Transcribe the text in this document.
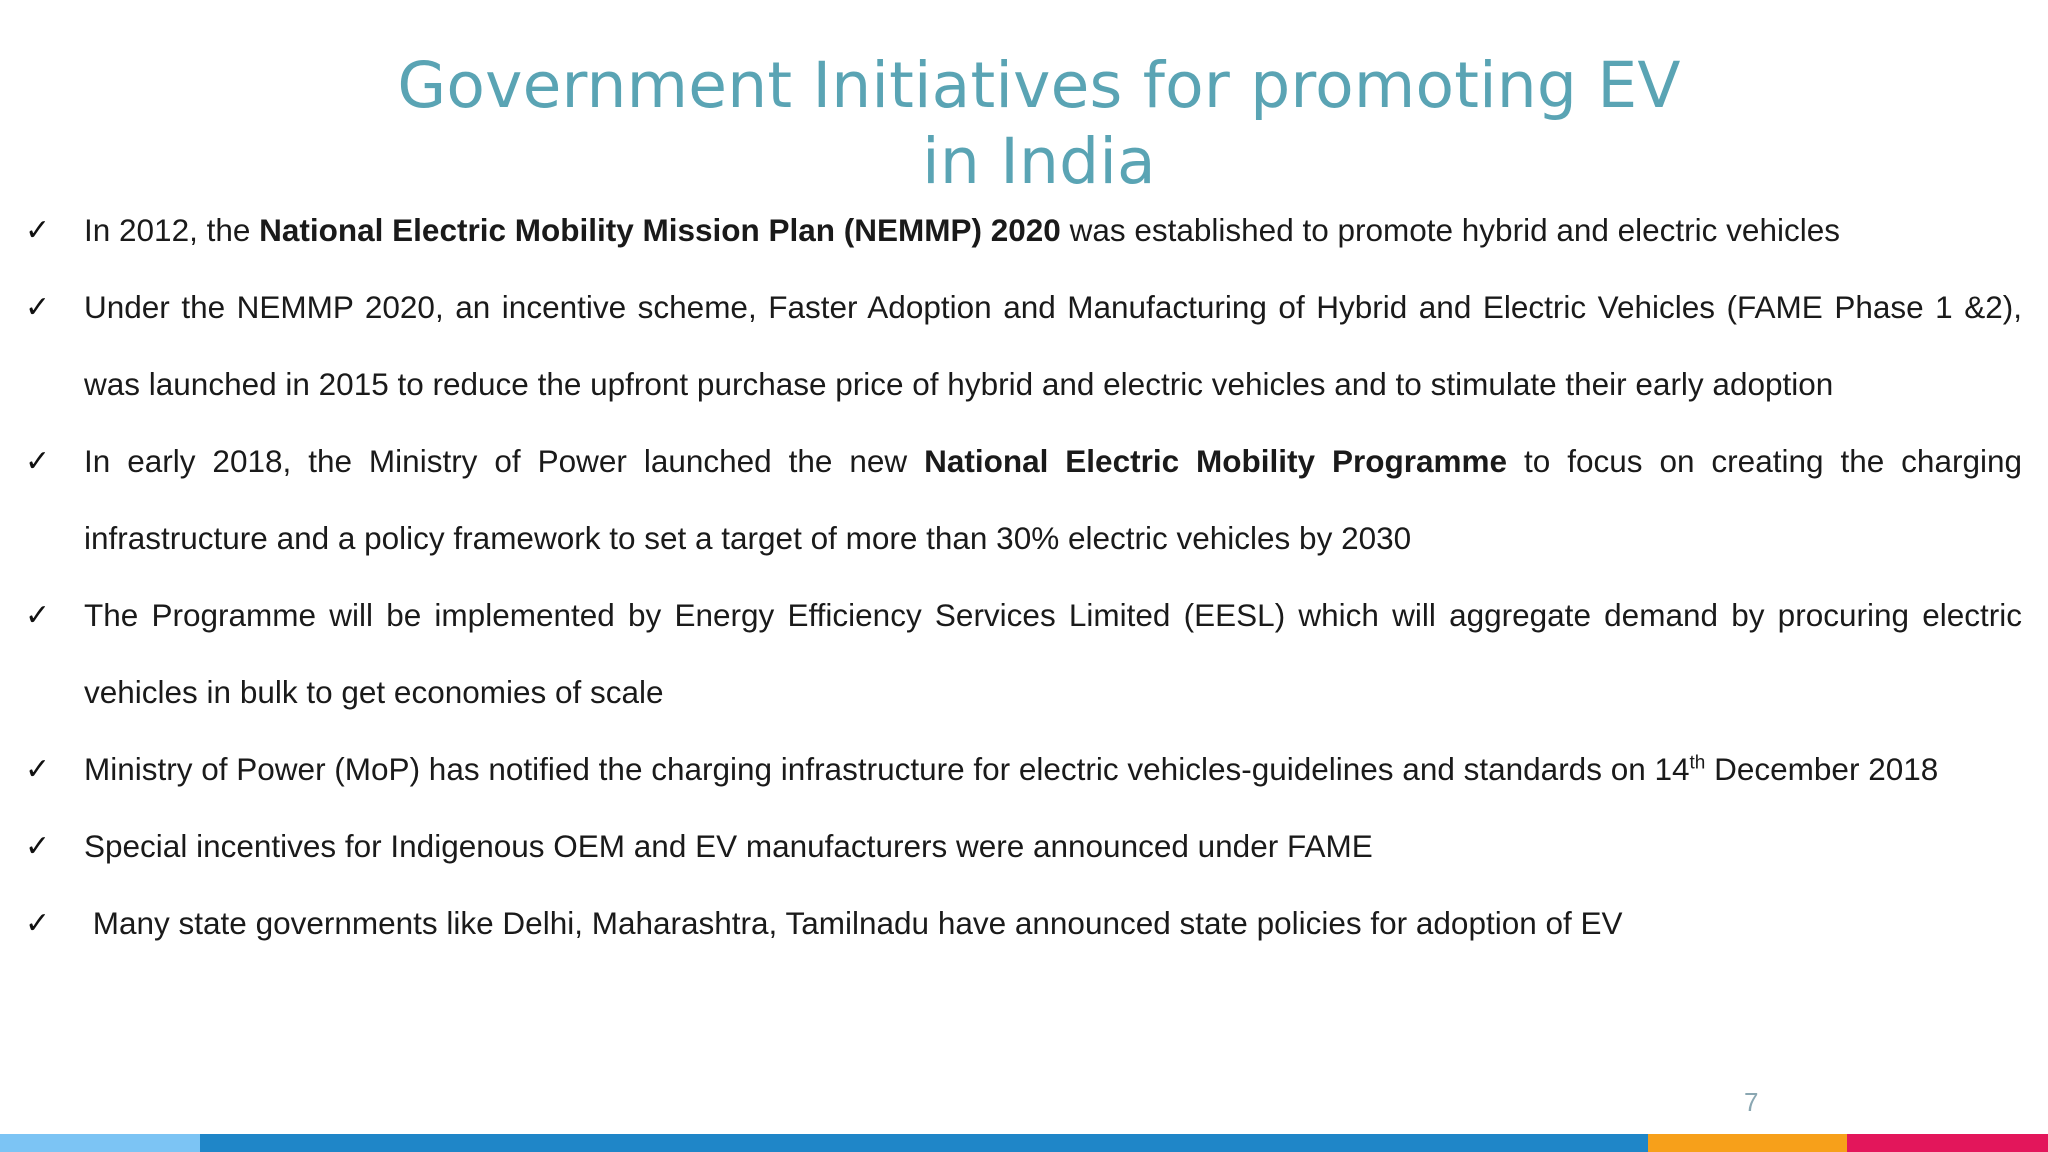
Government Initiatives for promoting EV
in India
✓ In 2012, the National Electric Mobility Mission Plan (NEMMP) 2020 was established to promote hybrid and electric vehicles
✓ Under the NEMMP 2020, an incentive scheme, Faster Adoption and Manufacturing of Hybrid and Electric Vehicles (FAME Phase 1 &2), was launched in 2015 to reduce the upfront purchase price of hybrid and electric vehicles and to stimulate their early adoption
✓ In early 2018, the Ministry of Power launched the new National Electric Mobility Programme to focus on creating the charging infrastructure and a policy framework to set a target of more than 30% electric vehicles by 2030
✓ The Programme will be implemented by Energy Efficiency Services Limited (EESL) which will aggregate demand by procuring electric vehicles in bulk to get economies of scale
✓ Ministry of Power (MoP) has notified the charging infrastructure for electric vehicles-guidelines and standards on 14th December 2018
✓ Special incentives for Indigenous OEM and EV manufacturers were announced under FAME
✓ Many state governments like Delhi, Maharashtra, Tamilnadu have announced state policies for adoption of EV
7
